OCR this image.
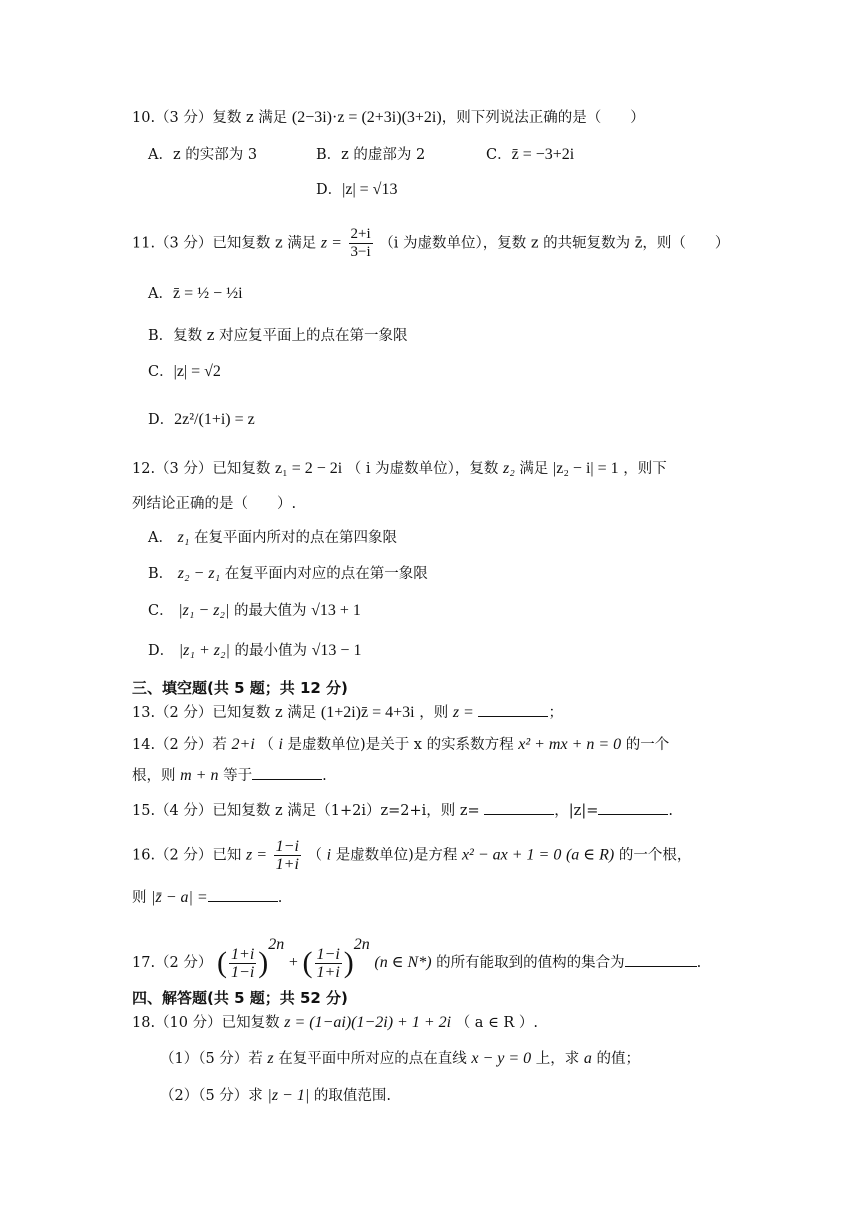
10.（3 分）复数 z 满足 (2−3i)·z = (2+3i)(3+2i)，则下列说法正确的是（　　）
A．z 的实部为 3	B．z 的虚部为 2	C．z̄ = −3+2i
D．|z| = √13
11.（3 分）已知复数 z 满足 $z = \frac{2+i}{3-i} (i$ 为虚数单位），复数 z 的共轭复数为 z̄，则（　　）
A．z̄ = ½ − ½i
B．复数 z 对应复平面上的点在第一象限
C．|z| = √2
D．2z²/(1+i) = z
12.（3 分）已知复数 z₁ = 2 − 2i （ i 为虚数单位），复数 z₂ 满足 |z₂ − i| = 1 ，则下
列结论正确的是（　　）.
A． z₁ 在复平面内所对的点在第四象限
B． z₂ − z₁ 在复平面内对应的点在第一象限
C． |z₁ − z₂| 的最大值为 √13 + 1
D． |z₁ + z₂| 的最小值为 √13 − 1
三、填空题(共 5 题；共 12 分)
13.（2 分）已知复数 z 满足 (1+2i)z̄ = 4+3i ，则 z =	；
14.（2 分）若 2+i （ i 是虚数单位)是关于 x 的实系数方程 x² + mx + n = 0 的一个
根，则 m + n 等于	.
15.（4 分）已知复数 z 满足（1+2i）z=2+i，则 z=	，|z|=	.
16.（2 分）已知 $z = \frac{1-i}{1+i}$ （ i 是虚数单位)是方程 x² − ax + 1 = 0 (a ∈ R) 的一个根，
则 |z̄ − a| =	.
17.（2 分） ( $\frac{1+i}{1-i} )^{2n}$ + ( $\frac{1-i}{1+i} )^{2n}$ (n ∈ N*) 的所有能取到的值构的集合为	.
四、解答题(共 5 题；共 52 分)
18.（10 分）已知复数 z = (1−ai)(1−2i) + 1 + 2i （ a ∈ R ）.
（1）（5 分）若 z 在复平面中所对应的点在直线 x − y = 0 上，求 a 的值；
（2）（5 分）求 |z − 1| 的取值范围.
